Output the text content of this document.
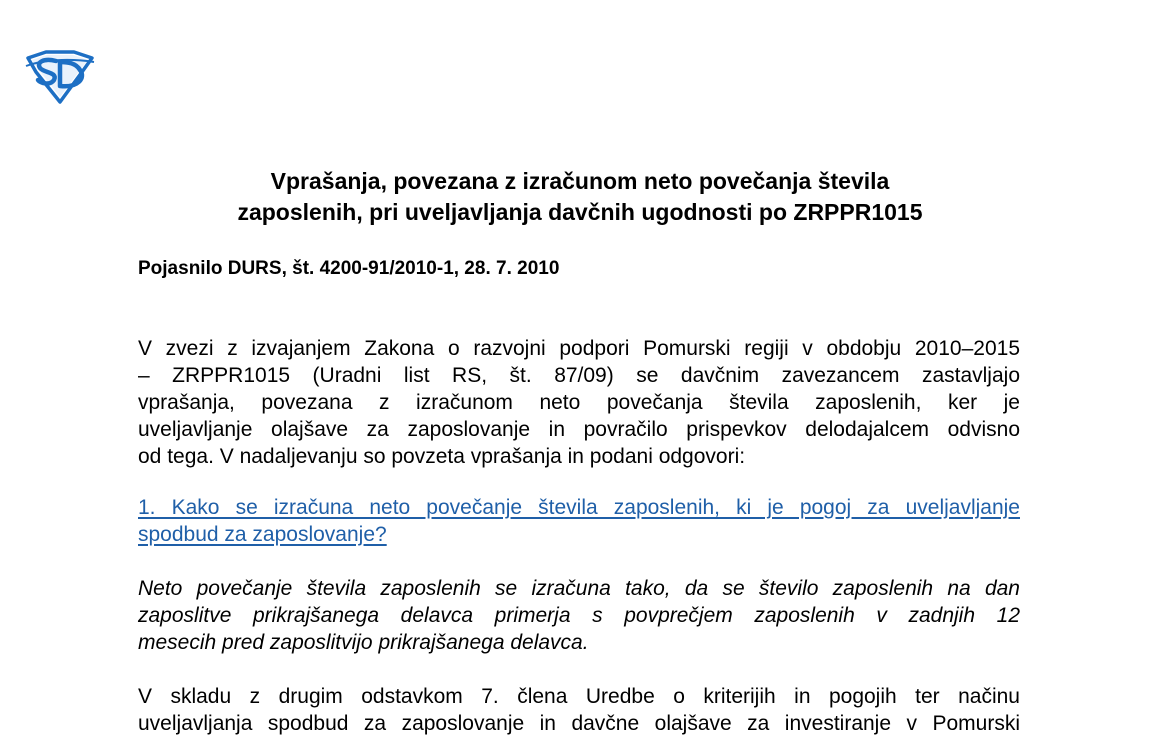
Vprašanja, povezana z izračunom neto povečanja števila
zaposlenih, pri uveljavljanja davčnih ugodnosti po ZRPPR1015

Pojasnilo DURS, št. 4200-91/2010-1, 28. 7. 2010

V zvezi z izvajanjem Zakona o razvojni podpori Pomurski regiji v obdobju 2010–2015
– ZRPPR1015 (Uradni list RS, št. 87/09) se davčnim zavezancem zastavljajo
vprašanja, povezana z izračunom neto povečanja števila zaposlenih, ker je
uveljavljanje olajšave za zaposlovanje in povračilo prispevkov delodajalcem odvisno
od tega. V nadaljevanju so povzeta vprašanja in podani odgovori:
1. Kako se izračuna neto povečanje števila zaposlenih, ki je pogoj za uveljavljanje
spodbud za zaposlovanje?
Neto povečanje števila zaposlenih se izračuna tako, da se število zaposlenih na dan
zaposlitve prikrajšanega delavca primerja s povprečjem zaposlenih v zadnjih 12
mesecih pred zaposlitvijo prikrajšanega delavca.
V skladu z drugim odstavkom 7. člena Uredbe o kriterijih in pogojih ter načinu
uveljavljanja spodbud za zaposlovanje in davčne olajšave za investiranje v Pomurski
